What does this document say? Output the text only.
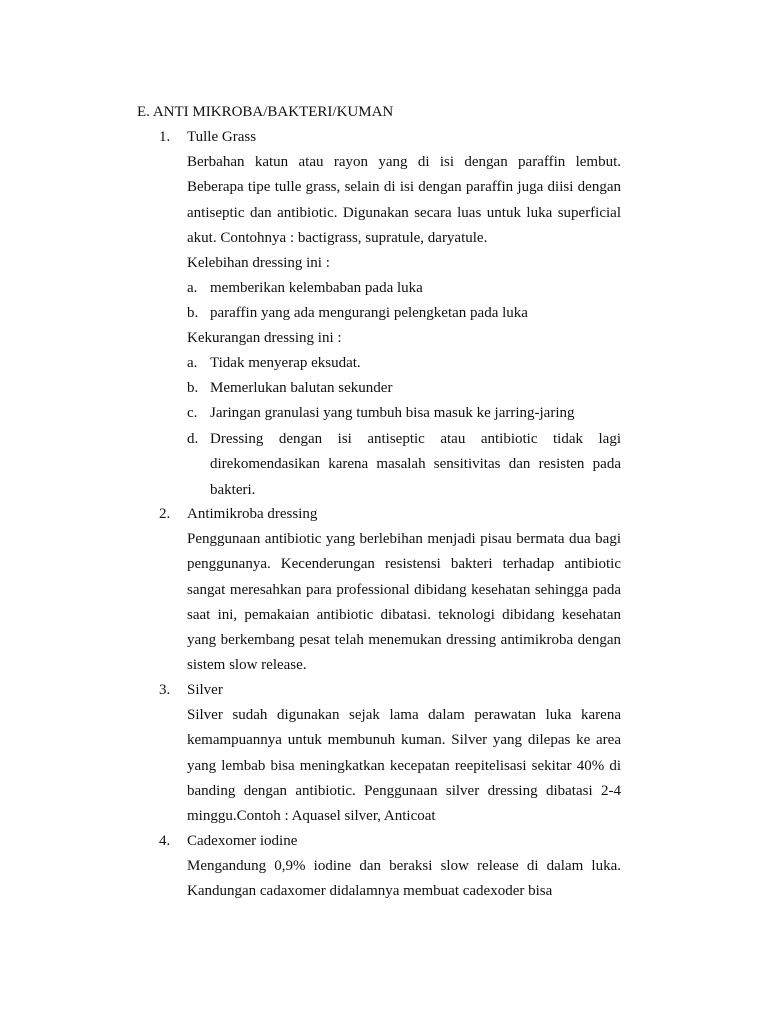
E. ANTI MIKROBA/BAKTERI/KUMAN
1. Tulle Grass

Berbahan katun atau rayon yang di isi dengan paraffin lembut. Beberapa tipe tulle grass, selain di isi dengan paraffin juga diisi dengan antiseptic dan antibiotic. Digunakan secara luas untuk luka superficial akut. Contohnya : bactigrass, supratule, daryatule.

Kelebihan dressing ini :
a. memberikan kelembaban pada luka
b. paraffin yang ada mengurangi pelengketan pada luka
Kekurangan dressing ini :
a. Tidak menyerap eksudat.
b. Memerlukan balutan sekunder
c. Jaringan granulasi yang tumbuh bisa masuk ke jarring-jaring
d. Dressing dengan isi antiseptic atau antibiotic tidak lagi direkomendasikan karena masalah sensitivitas dan resisten pada bakteri.
2. Antimikroba dressing

Penggunaan antibiotic yang berlebihan menjadi pisau bermata dua bagi penggunanya. Kecenderungan resistensi bakteri terhadap antibiotic sangat meresahkan para professional dibidang kesehatan sehingga pada saat ini, pemakaian antibiotic dibatasi. teknologi dibidang kesehatan yang berkembang pesat telah menemukan dressing antimikroba dengan sistem slow release.

3. Silver

Silver sudah digunakan sejak lama dalam perawatan luka karena kemampuannya untuk membunuh kuman. Silver yang dilepas ke area yang lembab bisa meningkatkan kecepatan reepitelisasi sekitar 40% di banding dengan antibiotic. Penggunaan silver dressing dibatasi 2-4 minggu.Contoh : Aquasel silver, Anticoat

4. Cadexomer iodine

Mengandung 0,9% iodine dan beraksi slow release di dalam luka. Kandungan cadaxomer didalamnya membuat cadexoder bisa
